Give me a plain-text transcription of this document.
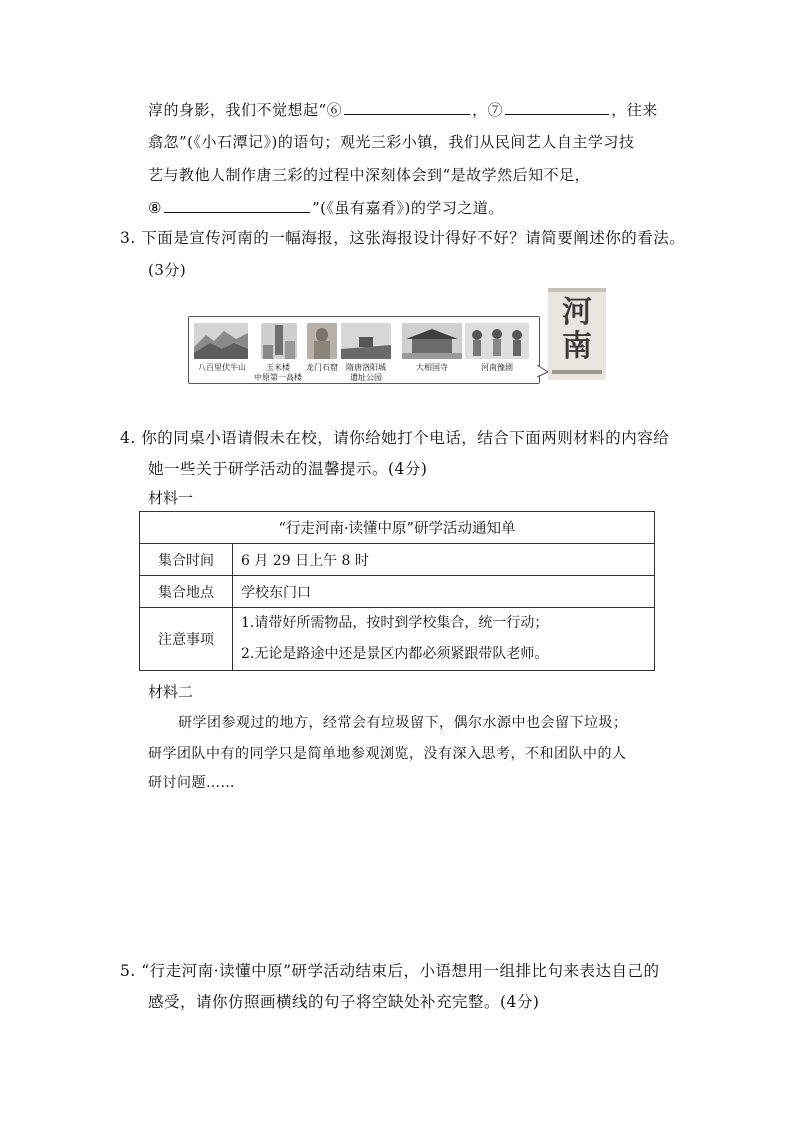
淳的身影，我们不觉想起“⑥	，⑦	，往来
翕忽”(《小石潭记》)的语句；观光三彩小镇，我们从民间艺人自主学习技
艺与教他人制作唐三彩的过程中深刻体会到“是故学然后知不足，
⑧	”(《虽有嘉肴》)的学习之道。
3. 下面是宣传河南的一幅海报，这张海报设计得好不好？请简要阐述你的看法。
(3分)
八百里伏牛山	玉米楼
中原第一高楼
龙门石窟	隋唐洛阳城
遗址公园
大相国寺	河南豫剧
河
南
4. 你的同桌小语请假未在校，请你给她打个电话，结合下面两则材料的内容给
她一些关于研学活动的温馨提示。(4分)
材料一
“行走河南·读懂中原”研学活动通知单	
集合时间	6 月 29 日上午 8 时
集合地点	学校东门口
注意事项	1.请带好所需物品，按时到学校集合，统一行动；
2.无论是路途中还是景区内都必须紧跟带队老师。
材料二
研学团参观过的地方，经常会有垃圾留下，偶尔水源中也会留下垃圾；
研学团队中有的同学只是简单地参观浏览，没有深入思考，不和团队中的人
研讨问题……
5. “行走河南·读懂中原”研学活动结束后，小语想用一组排比句来表达自己的
感受，请你仿照画横线的句子将空缺处补充完整。(4分)
